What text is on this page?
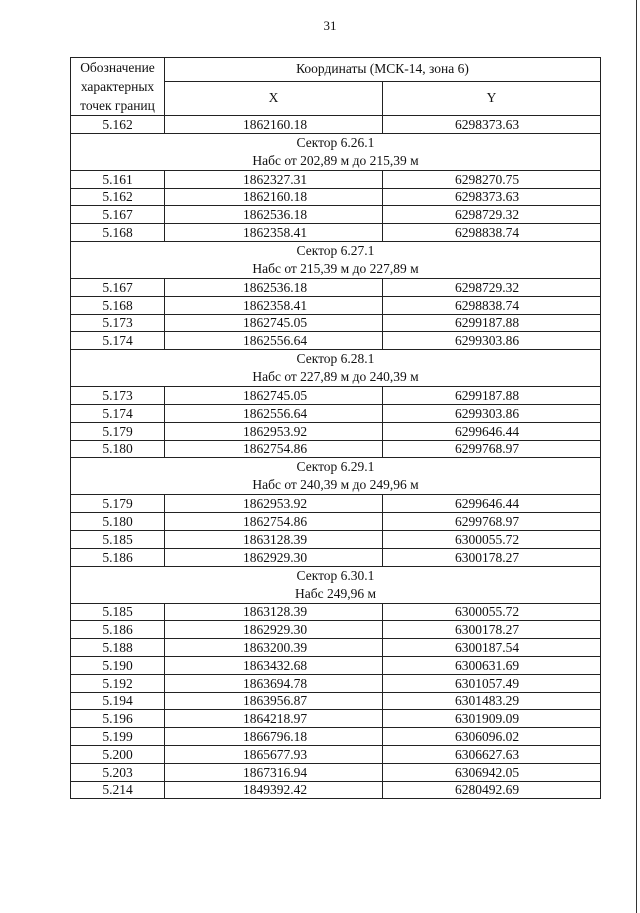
31
Обозначение характерных точек границ	Координаты (МСК-14, зона 6)	
	X	Y
5.162	1862160.18	6298373.63

Сектор 6.26.1
Набс от 202,89 м до 215,39 м		

5.161	1862327.31	6298270.75
5.162	1862160.18	6298373.63
5.167	1862536.18	6298729.32
5.168	1862358.41	6298838.74

Сектор 6.27.1
Набс от 215,39 м до 227,89 м		

5.167	1862536.18	6298729.32
5.168	1862358.41	6298838.74
5.173	1862745.05	6299187.88
5.174	1862556.64	6299303.86

Сектор 6.28.1
Набс от 227,89 м до 240,39 м		

5.173	1862745.05	6299187.88
5.174	1862556.64	6299303.86
5.179	1862953.92	6299646.44
5.180	1862754.86	6299768.97

Сектор 6.29.1
Набс от 240,39 м до 249,96 м		

5.179	1862953.92	6299646.44
5.180	1862754.86	6299768.97
5.185	1863128.39	6300055.72
5.186	1862929.30	6300178.27

Сектор 6.30.1
Набс 249,96 м		

5.185	1863128.39	6300055.72
5.186	1862929.30	6300178.27
5.188	1863200.39	6300187.54
5.190	1863432.68	6300631.69
5.192	1863694.78	6301057.49
5.194	1863956.87	6301483.29
5.196	1864218.97	6301909.09
5.199	1866796.18	6306096.02
5.200	1865677.93	6306627.63
5.203	1867316.94	6306942.05
5.214	1849392.42	6280492.69
